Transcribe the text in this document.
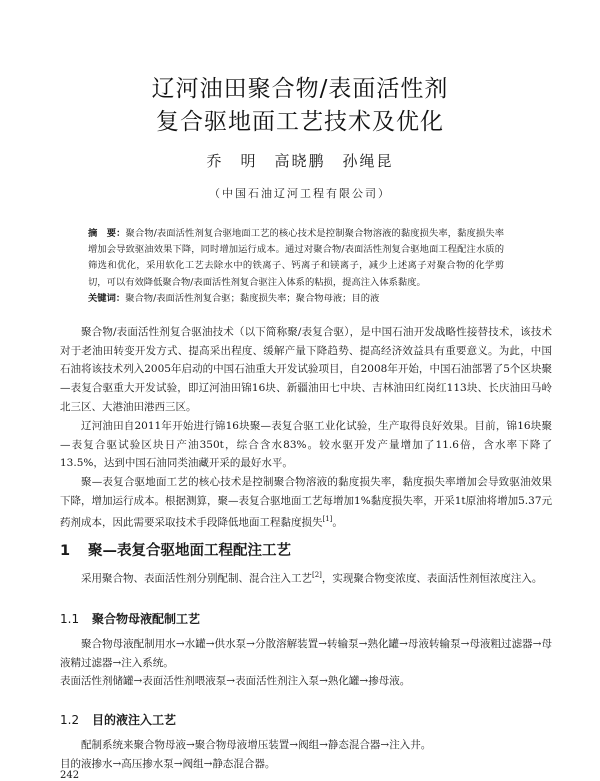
辽河油田聚合物/表面活性剂
复合驱地面工艺技术及优化
乔　明　高晓鹏　孙绳昆
（中国石油辽河工程有限公司）
摘　要：聚合物/表面活性剂复合驱地面工艺的核心技术是控制聚合物溶液的黏度损失率，黏度损失率增加会导致驱油效果下降，同时增加运行成本。通过对聚合物/表面活性剂复合驱地面工程配注水质的筛选和优化，采用软化工艺去除水中的铁离子、钙离子和镁离子，减少上述离子对聚合物的化学剪切，可以有效降低聚合物/表面活性剂复合驱注入体系的粘损，提高注入体系黏度。
关键词：聚合物/表面活性剂复合驱；黏度损失率；聚合物母液；目的液
聚合物/表面活性剂复合驱油技术（以下简称聚/表复合驱），是中国石油开发战略性接替技术，该技术对于老油田转变开发方式、提高采出程度、缓解产量下降趋势、提高经济效益具有重要意义。为此，中国石油将该技术列入2005年启动的中国石油重大开发试验项目，自2008年开始，中国石油部署了5个区块聚—表复合驱重大开发试验，即辽河油田锦16块、新疆油田七中块、吉林油田红岗红113块、长庆油田马岭北三区、大港油田港西三区。
辽河油田自2011年开始进行锦16块聚—表复合驱工业化试验，生产取得良好效果。目前，锦16块聚—表复合驱试验区块日产油350t，综合含水83%。较水驱开发产量增加了11.6倍，含水率下降了13.5%，达到中国石油同类油藏开采的最好水平。
聚—表复合驱地面工艺的核心技术是控制聚合物溶液的黏度损失率，黏度损失率增加会导致驱油效果下降，增加运行成本。根据测算，聚—表复合驱地面工艺每增加1%黏度损失率，开采1t原油将增加5.37元药剂成本，因此需要采取技术手段降低地面工程黏度损失[1]。
1 聚—表复合驱地面工程配注工艺
采用聚合物、表面活性剂分别配制、混合注入工艺[2]，实现聚合物变浓度、表面活性剂恒浓度注入。
1.1 聚合物母液配制工艺
聚合物母液配制用水→水罐→供水泵→分散溶解装置→转输泵→熟化罐→母液转输泵→母液粗过滤器→母液精过滤器→注入系统。
表面活性剂储罐→表面活性剂喂液泵→表面活性剂注入泵→熟化罐→掺母液。
1.2 目的液注入工艺
配制系统来聚合物母液→聚合物母液增压装置→阀组→静态混合器→注入井。
目的液掺水→高压掺水泵→阀组→静态混合器。
242
